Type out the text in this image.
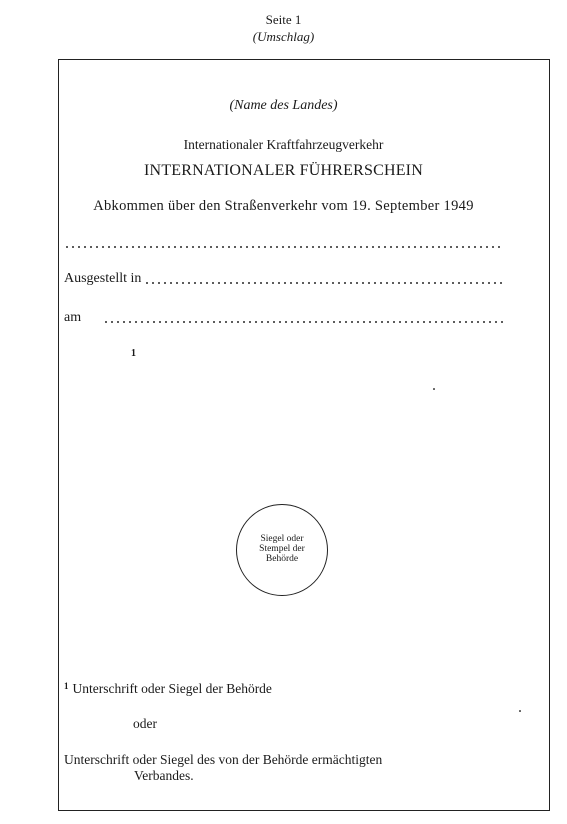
Seite 1
(Umschlag)
(Name des Landes)
Internationaler Kraftfahrzeugverkehr
INTERNATIONALER FÜHRERSCHEIN
Abkommen über den Straßenverkehr vom 19. September 1949
Ausgestellt in
am
1
Siegel oder
Stempel der
Behörde
$^1$ Unterschrift oder Siegel der Behörde
oder
Unterschrift oder Siegel des von der Behörde ermächtigten
Verbandes.
